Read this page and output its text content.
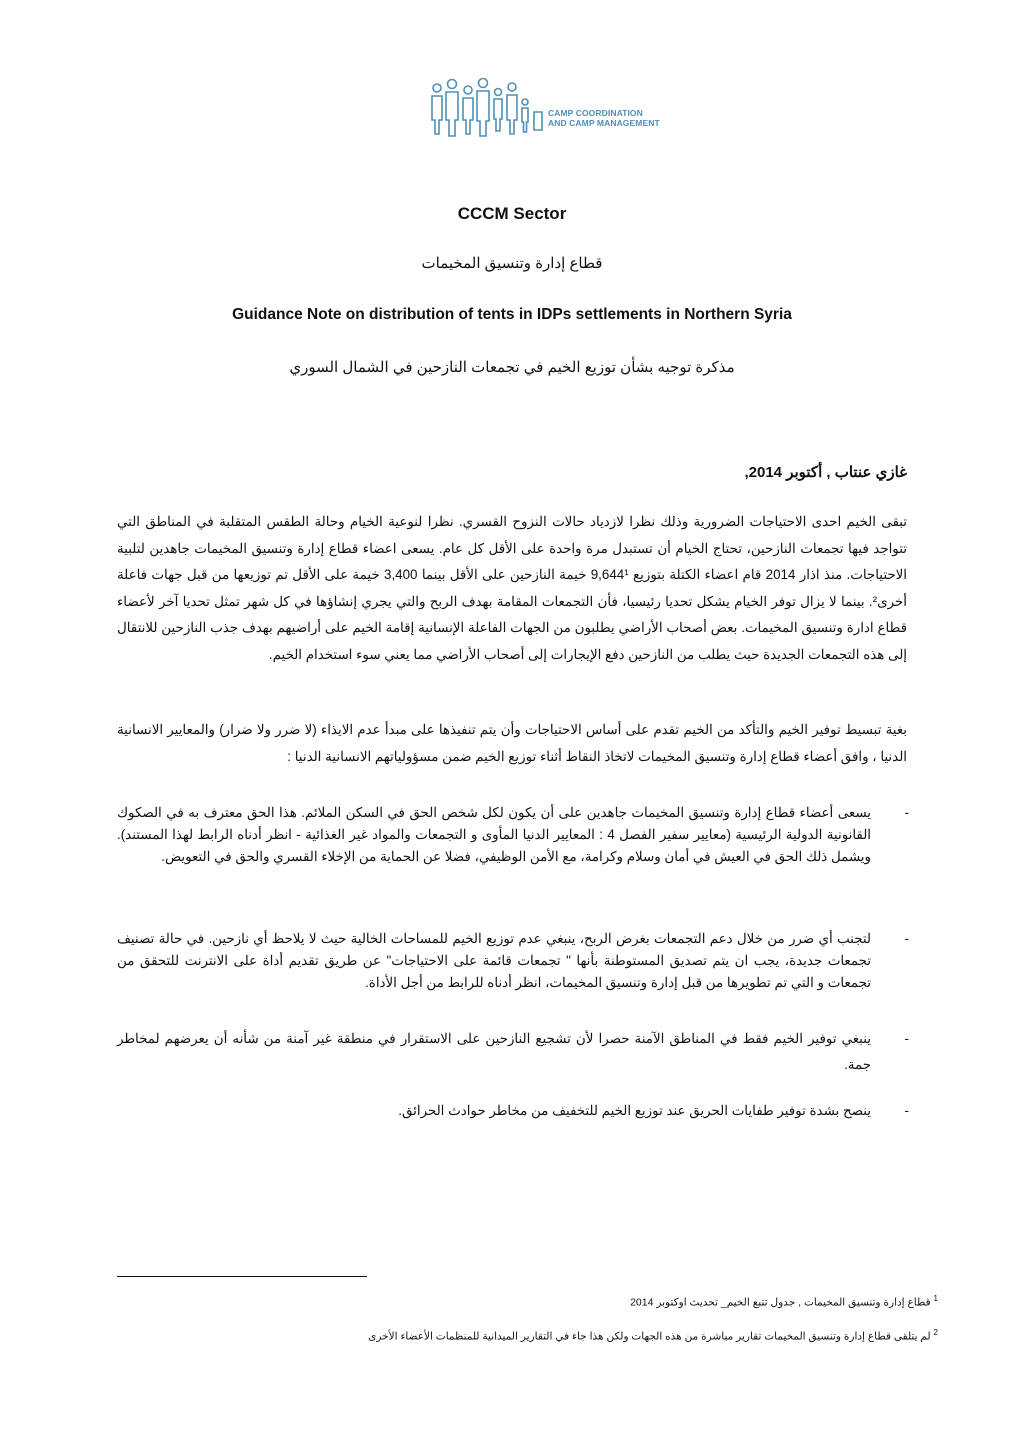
CAMP COORDINATION
AND CAMP MANAGEMENT
CCCM Sector
قطاع إدارة وتنسيق المخيمات
Guidance Note on distribution of tents in IDPs settlements in Northern Syria
مذكرة توجيه بشأن توزيع الخيم في تجمعات النازحين في الشمال السوري
غازي عنتاب , أكتوبر 2014,
تبقى الخيم احدى الاحتياجات الضرورية وذلك نظرا لازدياد حالات النزوح القسري. نظرا لنوعية الخيام وحالة الطقس المتقلبة في المناطق التي تتواجد فيها تجمعات النازحين، تحتاج الخيام أن تستبدل مرة واحدة على الأقل كل عام. يسعى اعضاء قطاع إدارة وتنسيق المخيمات جاهدين لتلبية الاحتياجات. منذ اذار 2014 قام اعضاء الكتلة بتوزيع 9,644¹ خيمة النازحين على الأقل بينما 3,400 خيمة على الأقل تم توزيعها من قبل جهات فاعلة أخرى². بينما لا يزال توفر الخيام يشكل تحديا رئيسيا، فأن التجمعات المقامة بهدف الربح والتي يجري إنشاؤها في كل شهر تمثل تحديا آخر لأعضاء قطاع ادارة وتنسيق المخيمات. بعض أصحاب الأراضي يطلبون من الجهات الفاعلة الإنسانية إقامة الخيم على أراضيهم بهدف جذب النازحين للانتقال إلى هذه التجمعات الجديدة حيث يطلب من النازحين دفع الإيجارات إلى أصحاب الأراضي مما يعني سوء استخدام الخيم.
بغية تبسيط توفير الخيم والتأكد من الخيم تقدم على أساس الاحتياجات وأن يتم تنفيذها على مبدأ عدم الايذاء (لا ضرر ولا ضرار) والمعايير الانسانية الدنيا ، وافق أعضاء قطاع إدارة وتنسيق المخيمات لاتخاذ النقاط أثناء توزيع الخيم ضمن مسؤولياتهم الانسانية الدنيا :
-
يسعى أعضاء قطاع إدارة وتنسيق المخيمات جاهدين على أن يكون لكل شخص الحق في السكن الملائم. هذا الحق معترف به في الصكوك القانونية الدولية الرئيسية (معايير سفير الفصل 4 : المعايير الدنيا المأوى و التجمعات والمواد غير الغذائية - انظر أدناه الرابط لهذا المستند). ويشمل ذلك الحق في العيش في أمان وسلام وكرامة، مع الأمن الوظيفي، فضلا عن الحماية من الإخلاء القسري والحق في التعويض.
-
لتجنب أي ضرر من خلال دعم التجمعات بغرض الربح، ينبغي عدم توزيع الخيم للمساحات الخالية حيث لا يلاحظ أي نازحين. في حالة تصنيف تجمعات جديدة، يجب ان يتم تصديق المستوطنة بأنها " تجمعات قائمة على الاحتياجات" عن طريق تقديم أداة على الانترنت للتحقق من تجمعات و التي تم تطويرها من قبل إدارة وتنسيق المخيمات، انظر أدناه للرابط من أجل الأداة.
-
ينبغي توفير الخيم فقط في المناطق الآمنة حصرا لأن تشجيع النازحين على الاستقرار في منطقة غير آمنة من شأنه أن يعرضهم لمخاطر جمة.
-
ينصح بشدة توفير طفايات الحريق عند توزيع الخيم للتخفيف من مخاطر حوادث الحرائق.
$^1$ قطاع إدارة وتنسيق المخيمات , جدول تتبع الخيم_ تحديث اوكتوبر 2014
$^2$ لم يتلقى قطاع إدارة وتنسيق المخيمات تقارير مباشرة من هذه الجهات ولكن هذا جاء في التقارير الميدانية للمنظمات الأعضاء الأخرى
